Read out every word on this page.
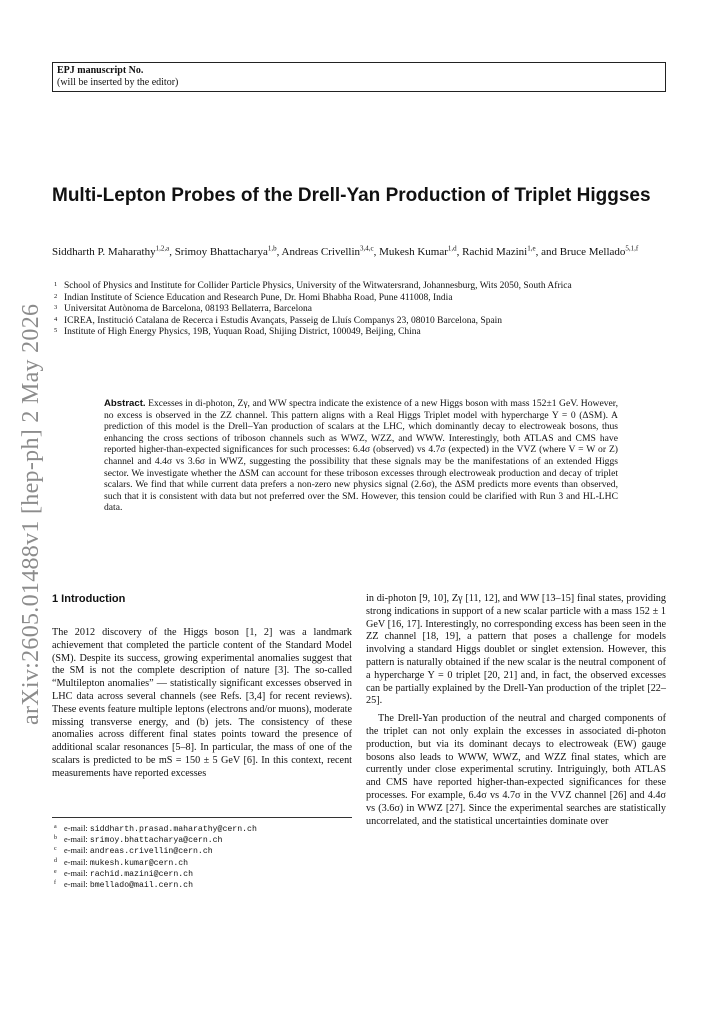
EPJ manuscript No.
(will be inserted by the editor)
Multi-Lepton Probes of the Drell-Yan Production of Triplet Higgses
Siddharth P. Maharathy$^{1,2,a}$, Srimoy Bhattacharya$^{1,b}$, Andreas Crivellin$^{3,4,c}$, Mukesh Kumar$^{1,d}$, Rachid Mazini$^{1,e}$, and Bruce Mellado$^{5,1,f}$
1 School of Physics and Institute for Collider Particle Physics, University of the Witwatersrand, Johannesburg, Wits 2050, South Africa
2 Indian Institute of Science Education and Research Pune, Dr. Homi Bhabha Road, Pune 411008, India
3 Universitat Autònoma de Barcelona, 08193 Bellaterra, Barcelona
4 ICREA, Institució Catalana de Recerca i Estudis Avançats, Passeig de Lluís Companys 23, 08010 Barcelona, Spain
5 Institute of High Energy Physics, 19B, Yuquan Road, Shijing District, 100049, Beijing, China
Abstract. Excesses in di-photon, Zγ, and WW spectra indicate the existence of a new Higgs boson with mass 152±1 GeV. However, no excess is observed in the ZZ channel. This pattern aligns with a Real Higgs Triplet model with hypercharge Y = 0 (ΔSM). A prediction of this model is the Drell–Yan production of scalars at the LHC, which dominantly decay to electroweak bosons, thus enhancing the cross sections of triboson channels such as WWZ, WZZ, and WWW. Interestingly, both ATLAS and CMS have reported higher-than-expected significances for such processes: 6.4σ (observed) vs 4.7σ (expected) in the VVZ (where V = W or Z) channel and 4.4σ vs 3.6σ in WWZ, suggesting the possibility that these signals may be the manifestations of an extended Higgs sector. We investigate whether the ΔSM can account for these triboson excesses through electroweak production and decay of triplet scalars. We find that while current data prefers a non-zero new physics signal (2.6σ), the ΔSM predicts more events than observed, such that it is consistent with data but not preferred over the SM. However, this tension could be clarified with Run 3 and HL-LHC data.
arXiv:2605.01488v1 [hep-ph] 2 May 2026 1 Introduction

The 2012 discovery of the Higgs boson [1, 2] was a landmark achievement that completed the particle content of the Standard Model (SM). Despite its success, growing experimental anomalies suggest that the SM is not the complete description of nature [3]. The so-called “Multilepton anomalies” — statistically significant excesses observed in LHC data across several channels (see Refs. [3,4] for recent reviews). These events feature multiple leptons (electrons and/or muons), moderate missing transverse energy, and (b) jets. The consistency of these anomalies across different final states points toward the presence of additional scalar resonances [5–8]. In particular, the mass of one of the scalars is predicted to be mS = 150 ± 5 GeV [6]. In this context, recent measurements have reported excesses

in di-photon [9, 10], Zγ [11, 12], and WW [13–15] final states, providing strong indications in support of a new scalar particle with a mass 152 ± 1 GeV [16, 17]. Interestingly, no corresponding excess has been seen in the ZZ channel [18, 19], a pattern that poses a challenge for models involving a standard Higgs doublet or singlet extension. However, this pattern is naturally obtained if the new scalar is the neutral component of a hypercharge Y = 0 triplet [20, 21] and, in fact, the observed excesses can be partially explained by the Drell-Yan production of the triplet [22–25].

The Drell-Yan production of the neutral and charged components of the triplet can not only explain the excesses in associated di-photon production, but via its dominant decays to electroweak (EW) gauge bosons also leads to WWW, WWZ, and WZZ final states, which are currently under close experimental scrutiny. Intriguingly, both ATLAS and CMS have reported higher-than-expected significances for these processes. For example, 6.4σ vs 4.7σ in the VVZ channel [26] and 4.4σ vs (3.6σ) in WWZ [27]. Since the experimental searches are statistically uncorrelated, and the statistical uncertainties dominate over

a e-mail: siddharth.prasad.maharathy@cern.ch
b e-mail: srimoy.bhattacharya@cern.ch
c e-mail: andreas.crivellin@cern.ch
d e-mail: mukesh.kumar@cern.ch
e e-mail: rachid.mazini@cern.ch
f e-mail: bmellado@mail.cern.ch
